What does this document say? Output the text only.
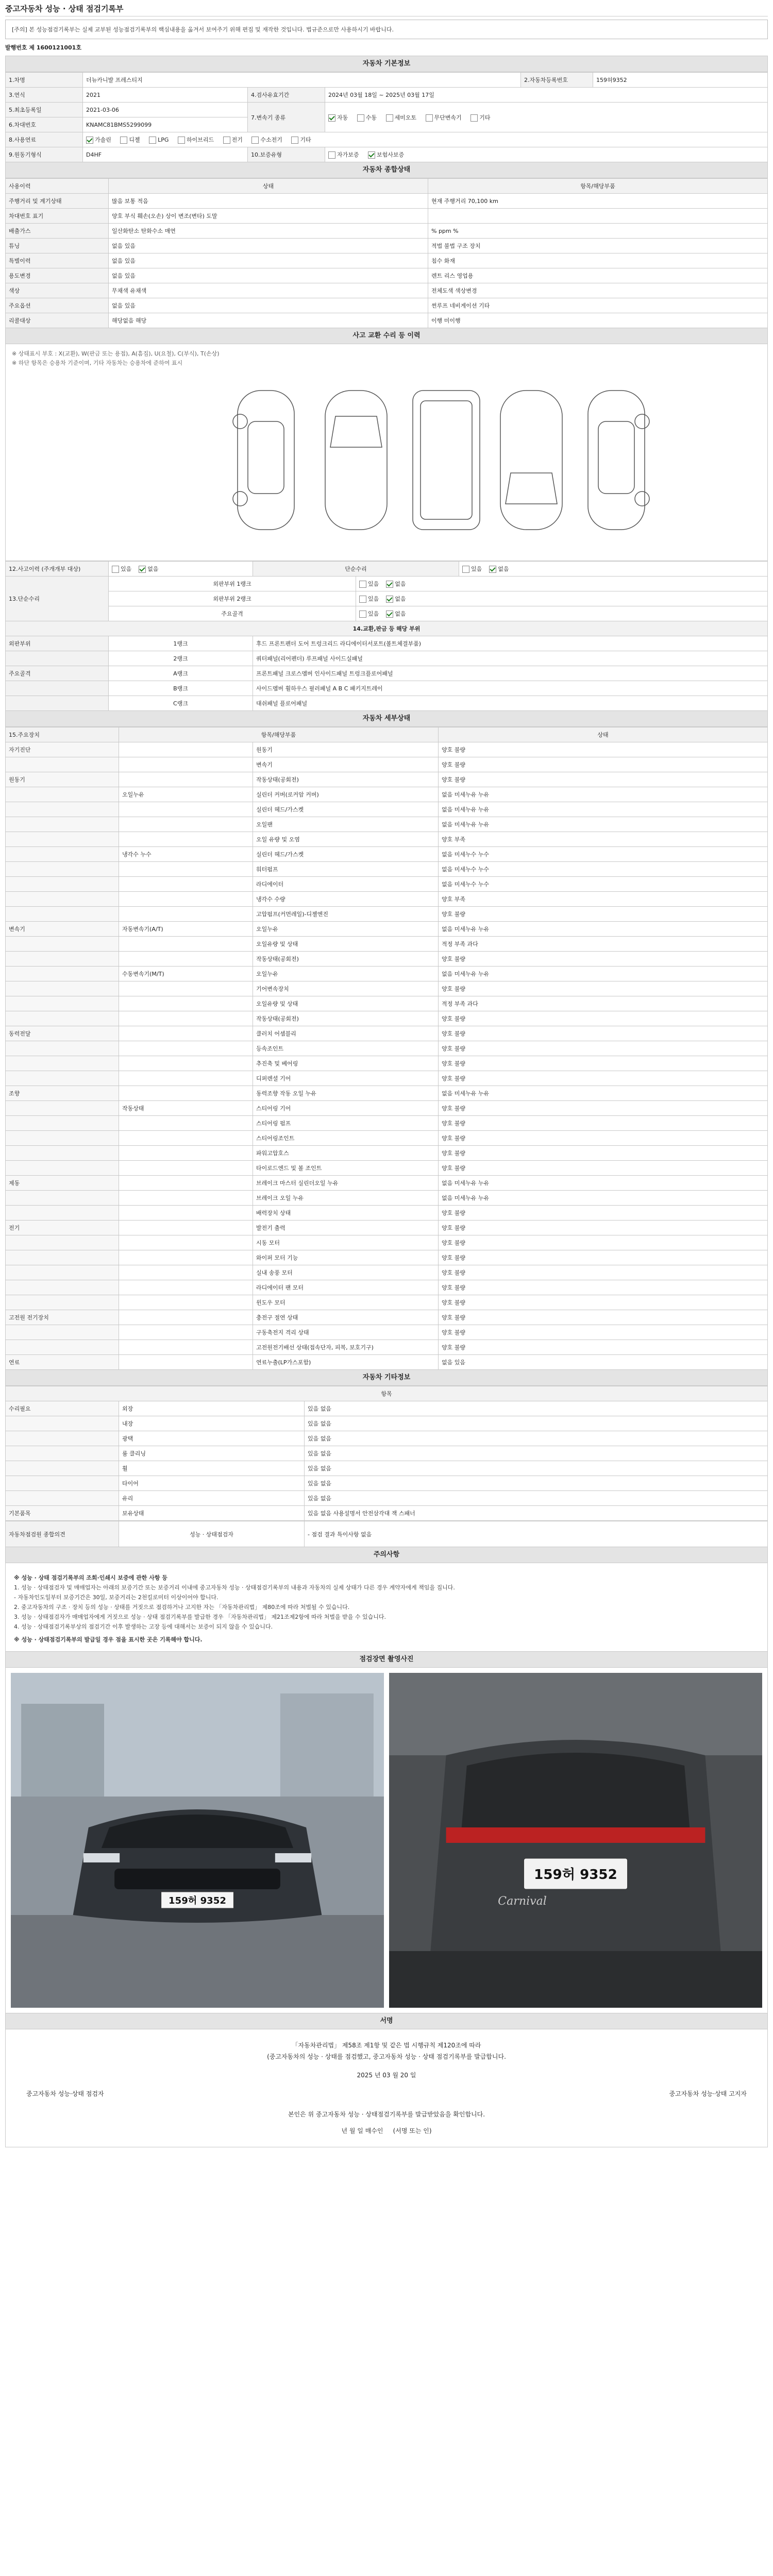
중고자동차 성능 · 상태 점검기록부
[주의] 본 성능점검기록부는 실제 교부된 성능점검기록부의 핵심내용을 옮겨서 보여주기 위해 편집 및 재작한 것입니다. 법규준으로만 사용하시기 바랍니다.
발행번호 제 1600121001호
자동차 기본정보
1.차명	더뉴카니발 프레스티지			2.자동차등록번호	159허9352
3.연식	2021	4.검사유효기간	2024년 03월 18일 ~ 2025년 03월 17일		
5.최초등록일	2021-03-06	7.변속기 종류	자동 수동 세미오토 무단변속기 기타		
6.차대번호	KNAMC81BMS5299099				
8.사용연료	가솔린 디젤 LPG 하이브리드 전기 수소전기 기타				
9.원동기형식	D4HF	10.보증유형	자가보증 보험사보증		
자동차 종합상태
사용이력	상태	항목/해당부품
주행거리 및 계기상태	많음 보통 적음	현재 주행거리 70,100 km
차대번호 표기	양호 부식 훼손(오손) 상이 변조(변타) 도말	
배출가스	일산화탄소 탄화수소 매연	% ppm %
튜닝	없음 있음	적법 불법 구조 장치
특별이력	없음 있음	침수 화재
용도변경	없음 있음	렌트 리스 영업용
색상	무채색 유채색	전체도색 색상변경
주요옵션	없음 있음	썬루프 네비게이션 기타
리콜대상	해당없음 해당	이행 미이행
사고 교환 수리 등 이력
※ 상태표시 부호 : X(교환), W(판금 또는 용접), A(흠집), U(요철), C(부식), T(손상)
※ 하단 항목은 승용차 기준이며, 기타 자동차는 승용차에 준하여 표시
12.사고이력 (주개개부 대상)	있음 없음	단순수리		있음 없음
13.단순수리	외판부위 1랭크		있음 없음	
	외판부위 2랭크		있음 없음	
	주요골격		있음 없음	
14.교환,판금 등 해당 부위				
외판부위	1랭크	후드 프론트펜더 도어 트렁크리드 라디에이터서포트(볼트체결부품)		
	2랭크	쿼터패널(리어펜더) 루프패널 사이드실패널		
주요골격	A랭크	프론트패널 크로스멤버 인사이드패널 트렁크플로어패널		
	B랭크	사이드멤버 휠하우스 필러패널 A B C 패키지트레이		
	C랭크	대쉬패널 플로어패널		
자동차 세부상태
15.주요장치	항목/해당부품		상태
자기진단		원동기	양호 불량
		변속기	양호 불량
원동기		작동상태(공회전)	양호 불량
	오일누유	실린더 커버(로커암 커버)	없음 미세누유 누유
		실린더 헤드/가스켓	없음 미세누유 누유
		오일팬	없음 미세누유 누유
		오일 유량 및 오염	양호 부족
	냉각수 누수	실린더 헤드/가스켓	없음 미세누수 누수
		워터펌프	없음 미세누수 누수
		라디에이터	없음 미세누수 누수
		냉각수 수량	양호 부족
		고압펌프(커먼레일)-디젤엔진	양호 불량
변속기	자동변속기(A/T)	오일누유	없음 미세누유 누유
		오일유량 및 상태	적정 부족 과다
		작동상태(공회전)	양호 불량
	수동변속기(M/T)	오일누유	없음 미세누유 누유
		기어변속장치	양호 불량
		오일유량 및 상태	적정 부족 과다
		작동상태(공회전)	양호 불량
동력전달		클러치 어셈블리	양호 불량
		등속조인트	양호 불량
		추진축 및 베어링	양호 불량
		디퍼렌셜 기어	양호 불량
조향		동력조향 작동 오일 누유	없음 미세누유 누유
	작동상태	스티어링 기어	양호 불량
		스티어링 펌프	양호 불량
		스티어링조인트	양호 불량
		파워고압호스	양호 불량
		타이로드엔드 및 볼 조인트	양호 불량
제동		브레이크 마스터 실린더오일 누유	없음 미세누유 누유
		브레이크 오일 누유	없음 미세누유 누유
		배력장치 상태	양호 불량
전기		발전기 출력	양호 불량
		시동 모터	양호 불량
		와이퍼 모터 기능	양호 불량
		실내 송풍 모터	양호 불량
		라디에이터 팬 모터	양호 불량
		윈도우 모터	양호 불량
고전원 전기장치		충전구 절연 상태	양호 불량
		구동축전지 격리 상태	양호 불량
		고전원전기배선 상태(접속단자, 피복, 보호기구)	양호 불량
연료		연료누출(LP가스포함)	없음 있음
자동차 기타정보
항목		
수리필요	외장	있음 없음
	내장	있음 없음
	광택	있음 없음
	룸 클리닝	있음 없음
	휠	있음 없음
	타이어	있음 없음
	유리	있음 없음
기본품목	보유상태	있음 없음 사용설명서 안전삼각대 잭 스패너
자동차점검원 종합의견	성능 · 상태점검자	- 점검 결과 특이사항 없음
주의사항

※ 성능 · 상태 점검기록부의 조회·인쇄시 보증에 관한 사항 등

1. 성능 · 상태점검자 및 매매업자는 아래의 보증기간 또는 보증거리 이내에 중고자동차 성능 · 상태점검기록부의 내용과 자동차의 실제 상태가 다른 경우 계약자에게 책임을 집니다.

- 자동차인도일부터 보증기간은 30일, 보증거리는 2천킬로미터 이상이어야 합니다.

2. 중고자동차의 구조 · 장치 등의 성능 · 상태를 거짓으로 점검하거나 고지한 자는 「자동차관리법」 제80조에 따라 처벌될 수 있습니다.

3. 성능 · 상태점검자가 매매업자에게 거짓으로 성능 · 상태 점검기록부를 발급한 경우 「자동차관리법」 제21조제2항에 따라 처벌을 받을 수 있습니다.

4. 성능 · 상태점검기록부상의 점검기간 이후 발생하는 고장 등에 대해서는 보증이 되지 않을 수 있습니다.

※ 성능 · 상태점검기록부의 발급일 경우 점을 표시한 곳은 기록해야 합니다.

점검장면 촬영사진
159허 9352
159허 9352
Carnival
서명
「자동차관리법」 제58조 제1항 및 같은 법 시행규칙 제120조에 따라
(중고자동차의 성능 · 상태를 점검했고, 중고자동차 성능 · 상태 점검기록부를 발급합니다.
2025 년 03 월 20 일
중고자동차 성능·상태 점검자	중고자동차 성능·상태 고지자
본인은 위 중고자동차 성능 · 상태점검기록부를 발급받았음을 확인합니다.
년 월 일 매수인 (서명 또는 인)
